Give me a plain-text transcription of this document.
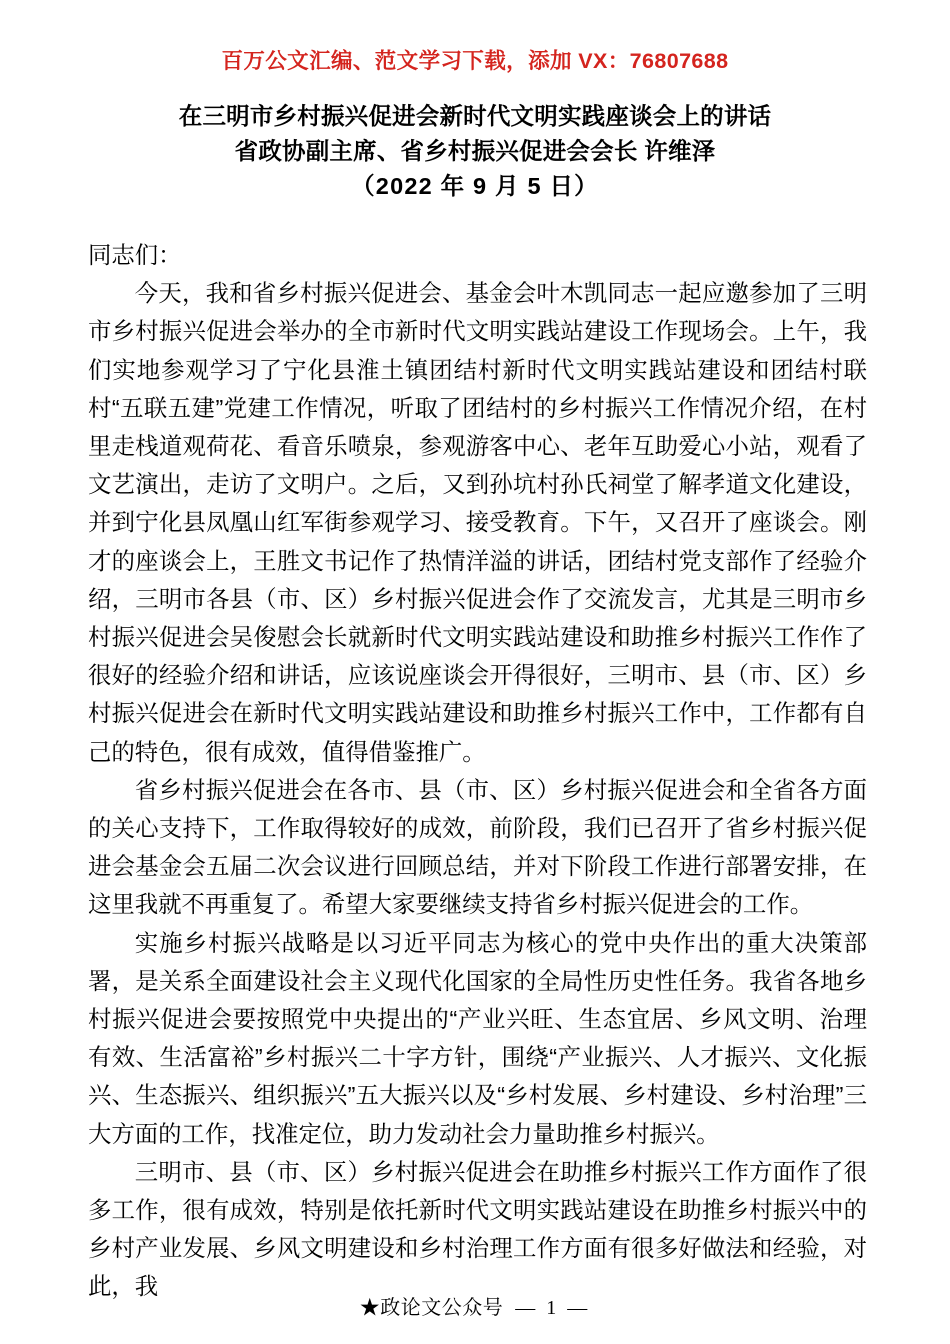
百万公文汇编、范文学习下载，添加 VX：76807688
在三明市乡村振兴促进会新时代文明实践座谈会上的讲话
省政协副主席、省乡村振兴促进会会长 许维泽
（2022 年 9 月 5 日）

同志们：

今天，我和省乡村振兴促进会、基金会叶木凯同志一起应邀参加了三明市乡村振兴促进会举办的全市新时代文明实践站建设工作现场会。上午，我们实地参观学习了宁化县淮土镇团结村新时代文明实践站建设和团结村联村“五联五建”党建工作情况，听取了团结村的乡村振兴工作情况介绍，在村里走栈道观荷花、看音乐喷泉，参观游客中心、老年互助爱心小站，观看了文艺演出，走访了文明户。之后，又到孙坑村孙氏祠堂了解孝道文化建设，并到宁化县凤凰山红军街参观学习、接受教育。下午，又召开了座谈会。刚才的座谈会上，王胜文书记作了热情洋溢的讲话，团结村党支部作了经验介绍，三明市各县（市、区）乡村振兴促进会作了交流发言，尤其是三明市乡村振兴促进会吴俊慰会长就新时代文明实践站建设和助推乡村振兴工作作了很好的经验介绍和讲话，应该说座谈会开得很好，三明市、县（市、区）乡村振兴促进会在新时代文明实践站建设和助推乡村振兴工作中，工作都有自己的特色，很有成效，值得借鉴推广。

省乡村振兴促进会在各市、县（市、区）乡村振兴促进会和全省各方面的关心支持下，工作取得较好的成效，前阶段，我们已召开了省乡村振兴促进会基金会五届二次会议进行回顾总结，并对下阶段工作进行部署安排，在这里我就不再重复了。希望大家要继续支持省乡村振兴促进会的工作。

实施乡村振兴战略是以习近平同志为核心的党中央作出的重大决策部署，是关系全面建设社会主义现代化国家的全局性历史性任务。我省各地乡村振兴促进会要按照党中央提出的“产业兴旺、生态宜居、乡风文明、治理有效、生活富裕”乡村振兴二十字方针，围绕“产业振兴、人才振兴、文化振兴、生态振兴、组织振兴”五大振兴以及“乡村发展、乡村建设、乡村治理”三大方面的工作，找准定位，助力发动社会力量助推乡村振兴。

三明市、县（市、区）乡村振兴促进会在助推乡村振兴工作方面作了很多工作，很有成效，特别是依托新时代文明实践站建设在助推乡村振兴中的乡村产业发展、乡风文明建设和乡村治理工作方面有很多好做法和经验，对此，我

★政论文公众号 — 1 —
